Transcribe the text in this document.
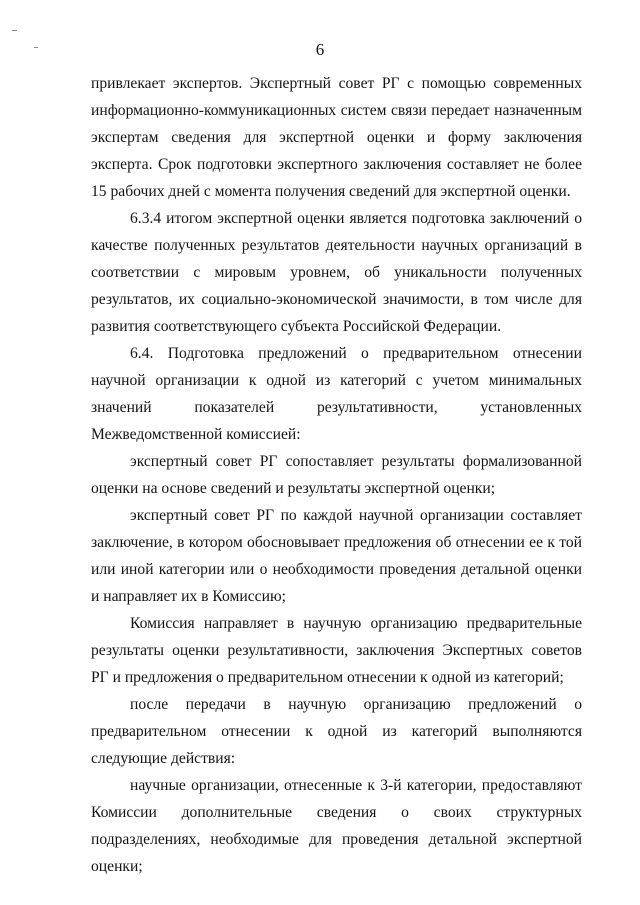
6

привлекает экспертов. Экспертный совет РГ с помощью современных информационно-коммуникационных систем связи передает назначенным экспертам сведения для экспертной оценки и форму заключения эксперта. Срок подготовки экспертного заключения составляет не более 15 рабочих дней с момента получения сведений для экспертной оценки.

6.3.4 итогом экспертной оценки является подготовка заключений о качестве полученных результатов деятельности научных организаций в соответствии с мировым уровнем, об уникальности полученных результатов, их социально-экономической значимости, в том числе для развития соответствующего субъекта Российской Федерации.

6.4. Подготовка предложений о предварительном отнесении научной организации к одной из категорий с учетом минимальных значений показателей результативности, установленных Межведомственной комиссией:

экспертный совет РГ сопоставляет результаты формализованной оценки на основе сведений и результаты экспертной оценки;

экспертный совет РГ по каждой научной организации составляет заключение, в котором обосновывает предложения об отнесении ее к той или иной категории или о необходимости проведения детальной оценки и направляет их в Комиссию;

Комиссия направляет в научную организацию предварительные результаты оценки результативности, заключения Экспертных советов РГ и предложения о предварительном отнесении к одной из категорий;

после передачи в научную организацию предложений о предварительном отнесении к одной из категорий выполняются следующие действия:

научные организации, отнесенные к 3-й категории, предоставляют Комиссии дополнительные сведения о своих структурных подразделениях, необходимые для проведения детальной экспертной оценки;
